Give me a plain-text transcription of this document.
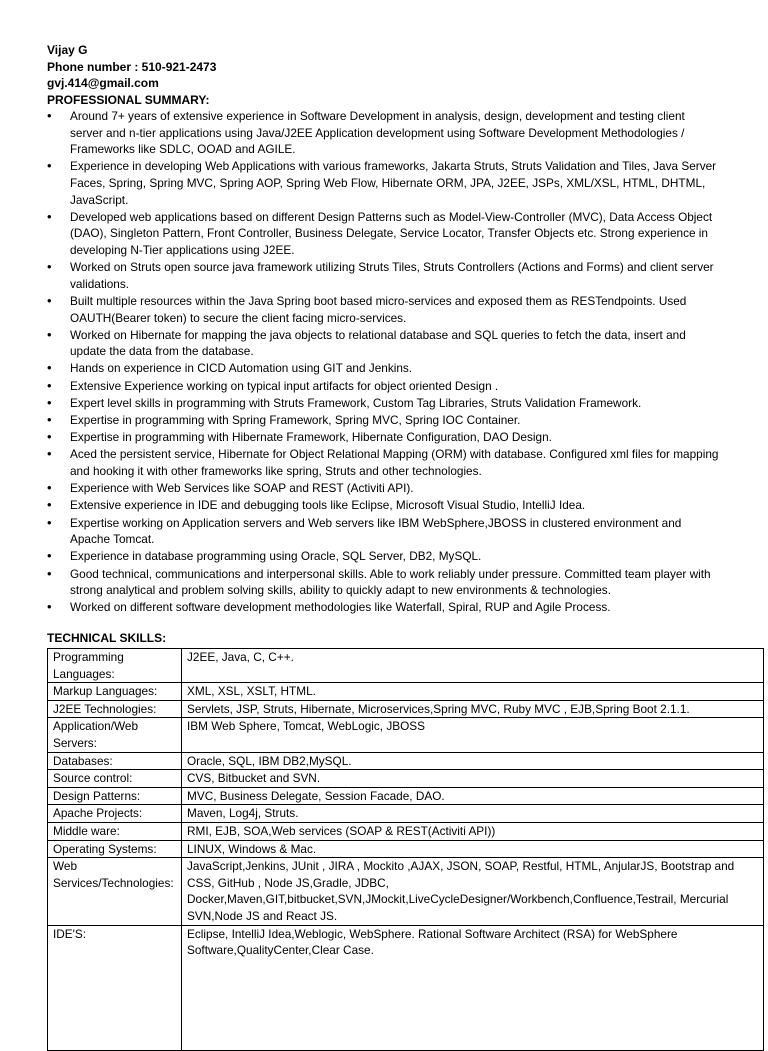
Vijay G
Phone number : 510-921-2473
gvj.414@gmail.com
PROFESSIONAL SUMMARY:
• Around 7+ years of extensive experience in Software Development in analysis, design, development and testing client server and n-tier applications using Java/J2EE Application development using Software Development Methodologies / Frameworks like SDLC, OOAD and AGILE.
• Experience in developing Web Applications with various frameworks, Jakarta Struts, Struts Validation and Tiles, Java Server Faces, Spring, Spring MVC, Spring AOP, Spring Web Flow, Hibernate ORM, JPA, J2EE, JSPs, XML/XSL, HTML, DHTML, JavaScript.
• Developed web applications based on different Design Patterns such as Model-View-Controller (MVC), Data Access Object (DAO), Singleton Pattern, Front Controller, Business Delegate, Service Locator, Transfer Objects etc. Strong experience in developing N-Tier applications using J2EE.
• Worked on Struts open source java framework utilizing Struts Tiles, Struts Controllers (Actions and Forms) and client server validations.
• Built multiple resources within the Java Spring boot based micro-services and exposed them as RESTendpoints. Used OAUTH(Bearer token) to secure the client facing micro-services.
• Worked on Hibernate for mapping the java objects to relational database and SQL queries to fetch the data, insert and update the data from the database.
• Hands on experience in CICD Automation using GIT and Jenkins.
• Extensive Experience working on typical input artifacts for object oriented Design .
• Expert level skills in programming with Struts Framework, Custom Tag Libraries, Struts Validation Framework.
• Expertise in programming with Spring Framework, Spring MVC, Spring IOC Container.
• Expertise in programming with Hibernate Framework, Hibernate Configuration, DAO Design.
• Aced the persistent service, Hibernate for Object Relational Mapping (ORM) with database. Configured xml files for mapping and hooking it with other frameworks like spring, Struts and other technologies.
• Experience with Web Services like SOAP and REST (Activiti API).
• Extensive experience in IDE and debugging tools like Eclipse, Microsoft Visual Studio, IntelliJ Idea.
• Expertise working on Application servers and Web servers like IBM WebSphere,JBOSS in clustered environment and Apache Tomcat.
• Experience in database programming using Oracle, SQL Server, DB2, MySQL.
• Good technical, communications and interpersonal skills. Able to work reliably under pressure. Committed team player with strong analytical and problem solving skills, ability to quickly adapt to new environments & technologies.
• Worked on different software development methodologies like Waterfall, Spiral, RUP and Agile Process.
TECHNICAL SKILLS:
Programming Languages:	J2EE, Java, C, C++.
Markup Languages:	XML, XSL, XSLT, HTML.
J2EE Technologies:	Servlets, JSP, Struts, Hibernate, Microservices,Spring MVC, Ruby MVC , EJB,Spring Boot 2.1.1.
Application/Web Servers:	IBM Web Sphere, Tomcat, WebLogic, JBOSS
Databases:	Oracle, SQL, IBM DB2,MySQL.
Source control:	CVS, Bitbucket and SVN.
Design Patterns:	MVC, Business Delegate, Session Facade, DAO.
Apache Projects:	Maven, Log4j, Struts.
Middle ware:	RMI, EJB, SOA,Web services (SOAP & REST(Activiti API))
Operating Systems:	LINUX, Windows & Mac.
Web Services/Technologies:	JavaScript,Jenkins, JUnit , JIRA , Mockito ,AJAX, JSON, SOAP, Restful, HTML, AnjularJS, Bootstrap and CSS, GitHub , Node JS,Gradle, JDBC, Docker,Maven,GIT,bitbucket,SVN,JMockit,LiveCycleDesigner/Workbench,Confluence,Testrail, Mercurial SVN,Node JS and React JS.
IDE'S:	Eclipse, IntelliJ Idea,Weblogic, WebSphere. Rational Software Architect (RSA) for WebSphere Software,QualityCenter,Clear Case.
